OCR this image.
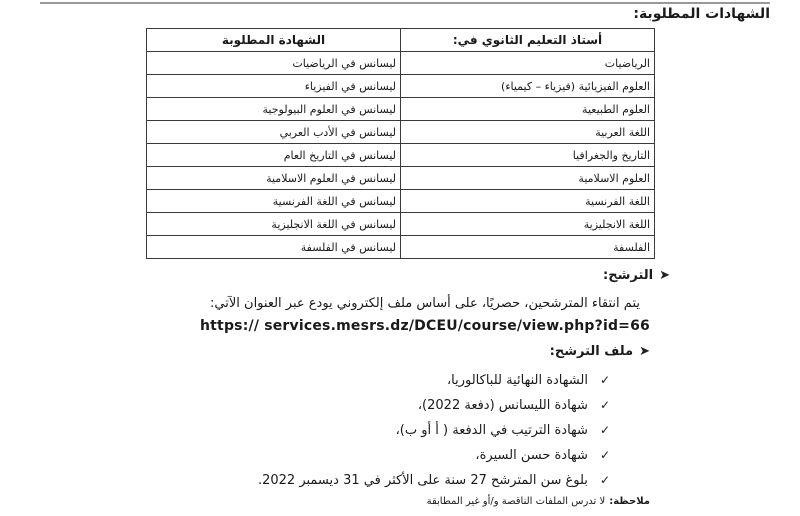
الشهادات المطلوبة:
أستاذ التعليم الثانوي في:	الشهادة المطلوبة
الرياضيات	ليسانس في الرياضيات
العلوم الفيزيائية (فيزياء – كيمياء)	ليسانس في الفيزياء
العلوم الطبيعية	ليسانس في العلوم البيولوجية
اللغة العربية	ليسانس في الأدب العربي
التاريخ والجغرافيا	ليسانس في التاريخ العام
العلوم الاسلامية	ليسانس في العلوم الاسلامية
اللغة الفرنسية	ليسانس في اللغة الفرنسية
اللغة الانجليزية	ليسانس في اللغة الانجليزية
الفلسفة	ليسانس في الفلسفة
➤الترشح:
يتم انتقاء المترشحين، حصريًا، على أساس ملف إلكتروني يودع عبر العنوان الآتي:
https:// services.mesrs.dz/DCEU/course/view.php?id=66
➤ملف الترشح:
✓الشهادة النهائية للباكالوريا،
✓شهادة الليسانس (دفعة 2022)،
✓شهادة الترتيب في الدفعة ( أ أو ب)،
✓شهادة حسن السيرة،
✓بلوغ سن المترشح 27 سنة على الأكثر في 31 ديسمبر 2022.
ملاحظة:لا تدرس الملفات الناقصة و/أو غير المطابقة
